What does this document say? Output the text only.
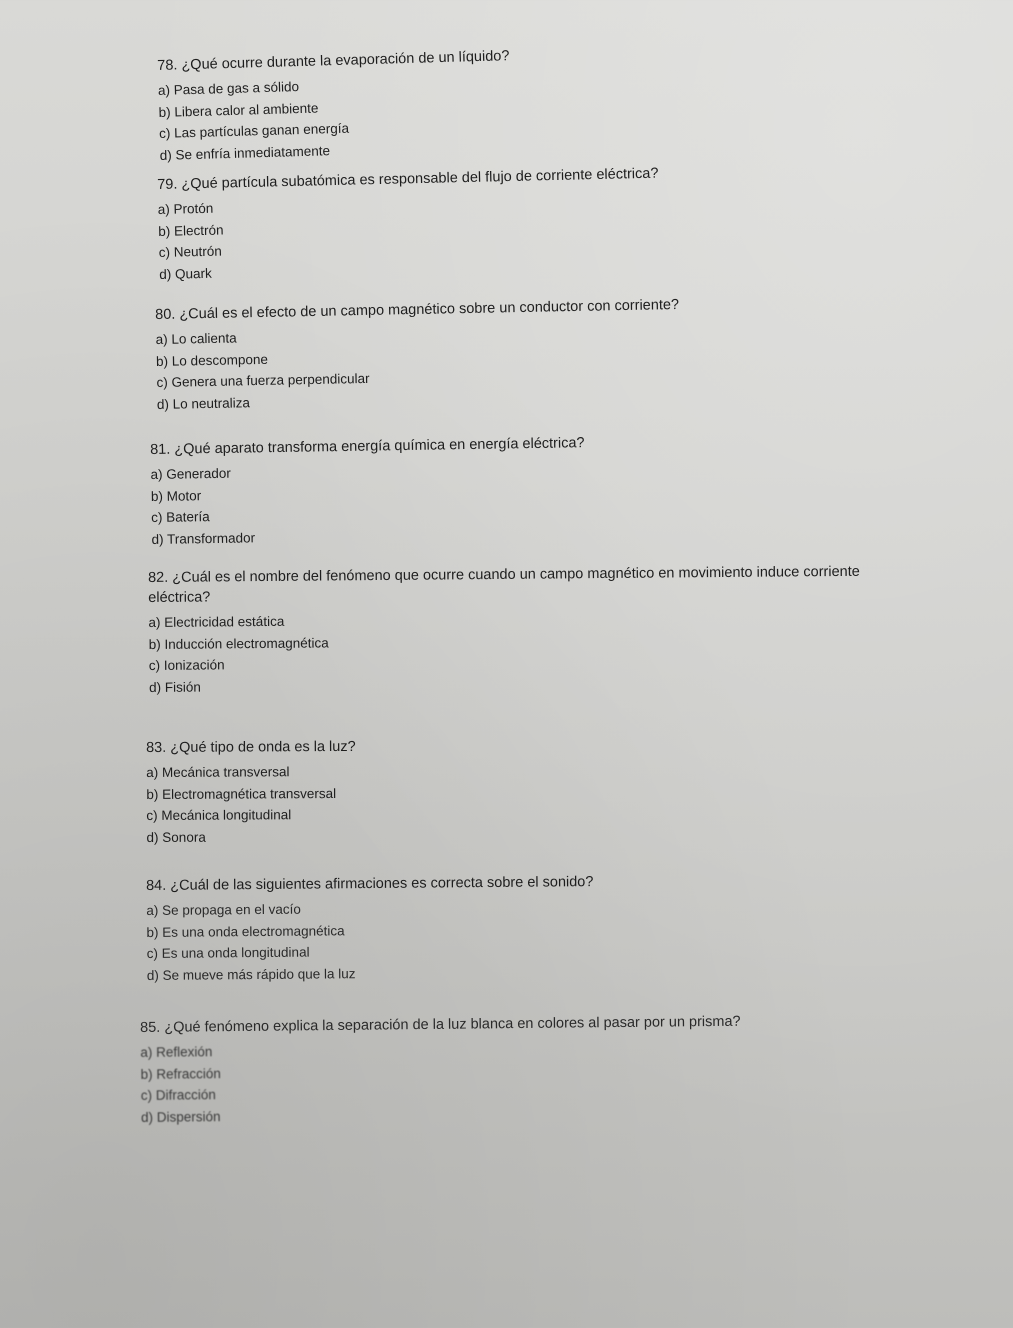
78. ¿Qué ocurre durante la evaporación de un líquido?

a) Pasa de gas a sólido

b) Libera calor al ambiente

c) Las partículas ganan energía

d) Se enfría inmediatamente

79. ¿Qué partícula subatómica es responsable del flujo de corriente eléctrica?

a) Protón

b) Electrón

c) Neutrón

d) Quark

80. ¿Cuál es el efecto de un campo magnético sobre un conductor con corriente?

a) Lo calienta

b) Lo descompone

c) Genera una fuerza perpendicular

d) Lo neutraliza

81. ¿Qué aparato transforma energía química en energía eléctrica?

a) Generador

b) Motor

c) Batería

d) Transformador

82. ¿Cuál es el nombre del fenómeno que ocurre cuando un campo magnético en movimiento induce corriente eléctrica?

a) Electricidad estática

b) Inducción electromagnética

c) Ionización

d) Fisión

83. ¿Qué tipo de onda es la luz?

a) Mecánica transversal

b) Electromagnética transversal

c) Mecánica longitudinal

d) Sonora

84. ¿Cuál de las siguientes afirmaciones es correcta sobre el sonido?

a) Se propaga en el vacío

b) Es una onda electromagnética

c) Es una onda longitudinal

d) Se mueve más rápido que la luz

85. ¿Qué fenómeno explica la separación de la luz blanca en colores al pasar por un prisma?

a) Reflexión

b) Refracción

c) Difracción

d) Dispersión
